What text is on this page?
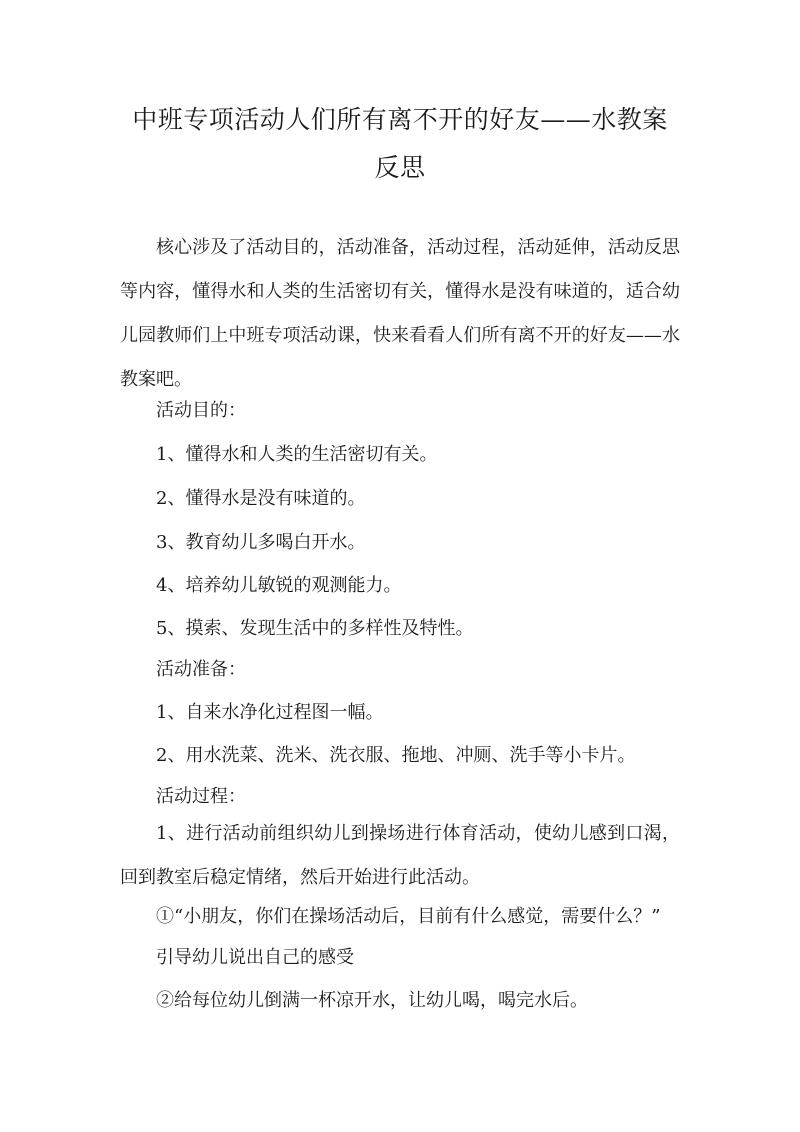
中班专项活动人们所有离不开的好友——水教案反思

核心涉及了活动目的，活动准备，活动过程，活动延伸，活动反思等内容，懂得水和人类的生活密切有关，懂得水是没有味道的，适合幼儿园教师们上中班专项活动课，快来看看人们所有离不开的好友——水教案吧。

活动目的：

1、懂得水和人类的生活密切有关。

2、懂得水是没有味道的。

3、教育幼儿多喝白开水。

4、培养幼儿敏锐的观测能力。

5、摸索、发现生活中的多样性及特性。

活动准备：

1、自来水净化过程图一幅。

2、用水洗菜、洗米、洗衣服、拖地、冲厕、洗手等小卡片。

活动过程：

1、进行活动前组织幼儿到操场进行体育活动，使幼儿感到口渴，回到教室后稳定情绪，然后开始进行此活动。

①“小朋友，你们在操场活动后，目前有什么感觉，需要什么？”

引导幼儿说出自己的感受

②给每位幼儿倒满一杯凉开水，让幼儿喝，喝完水后。
